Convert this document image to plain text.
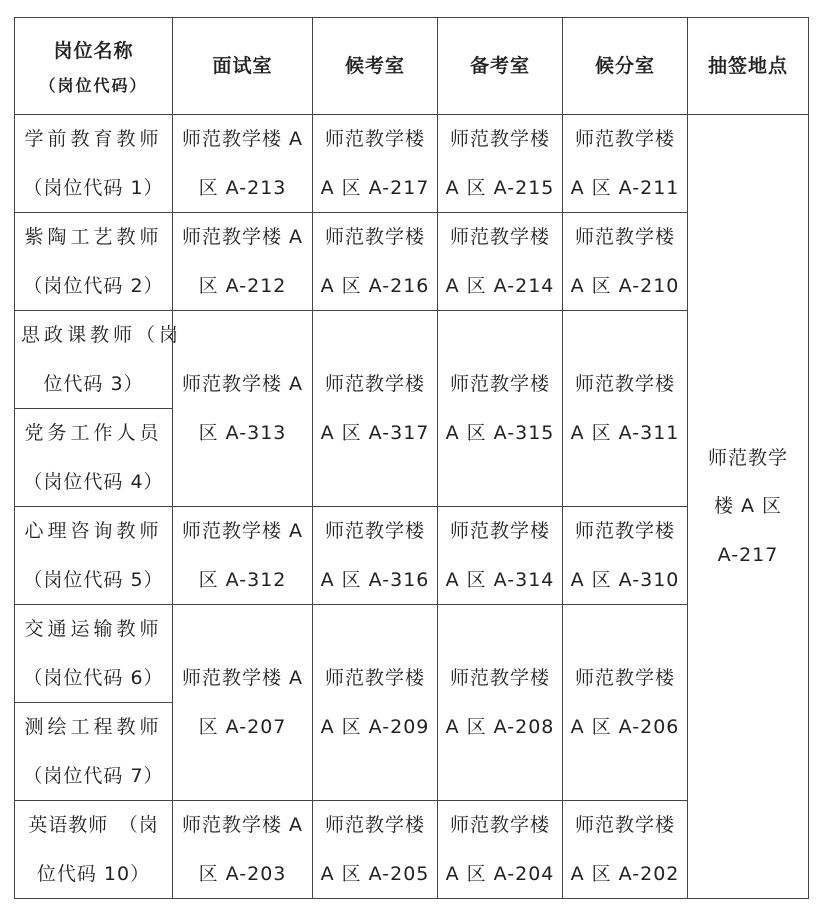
岗位名称
（岗位代码）	面试室	候考室	备考室	候分室	抽签地点

学前教育教师
（岗位代码 1）	师范教学楼 A
区 A-213	师范教学楼
A 区 A-217	师范教学楼
A 区 A-215	师范教学楼
A 区 A-211	师范教学
楼 A 区
A-217

紫陶工艺教师
（岗位代码 2）	师范教学楼 A
区 A-212	师范教学楼
A 区 A-216	师范教学楼
A 区 A-214	师范教学楼
A 区 A-210	

思政课教师（岗
位代码 3）	师范教学楼 A
区 A-313	师范教学楼
A 区 A-317	师范教学楼
A 区 A-315	师范教学楼
A 区 A-311	

党务工作人员
（岗位代码 4）					

心理咨询教师
（岗位代码 5）	师范教学楼 A
区 A-312	师范教学楼
A 区 A-316	师范教学楼
A 区 A-314	师范教学楼
A 区 A-310	

交通运输教师
（岗位代码 6）	师范教学楼 A
区 A-207	师范教学楼
A 区 A-209	师范教学楼
A 区 A-208	师范教学楼
A 区 A-206	

测绘工程教师
（岗位代码 7）					

英语教师　（岗
位代码 10）	师范教学楼 A
区 A-203	师范教学楼
A 区 A-205	师范教学楼
A 区 A-204	师范教学楼
A 区 A-202	
